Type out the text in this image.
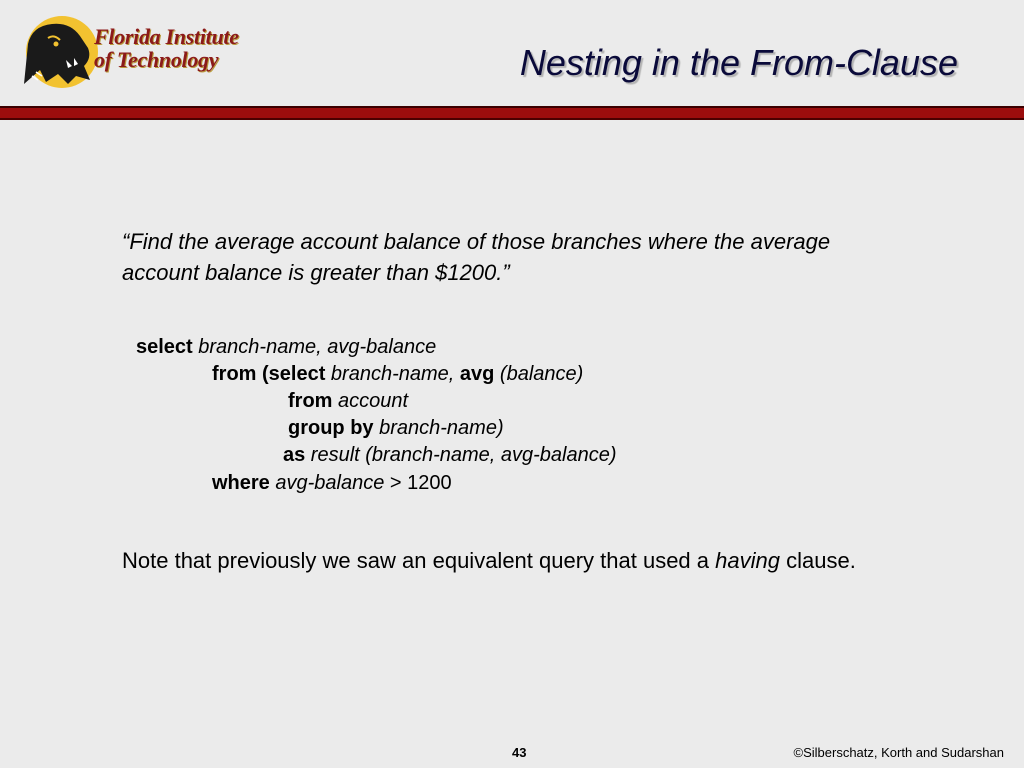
Florida Institute
of Technology	Nesting in the From-Clause

“Find the average account balance of those branches where the average account balance is greater than $1200.”

select branch-name, avg-balance
from (select branch-name, avg (balance)
from account
group by branch-name)
as result (branch-name, avg-balance)
where avg-balance > 1200

Note that previously we saw an equivalent query that used a having clause.

43	©Silberschatz, Korth and Sudarshan
